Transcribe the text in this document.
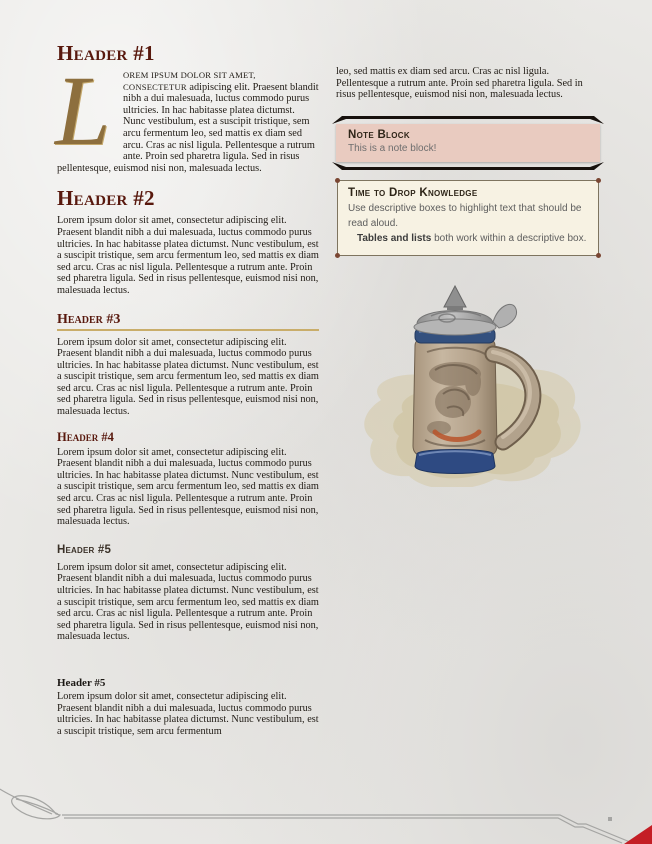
Header #1

L	OREM IPSUM DOLOR SIT AMET, CONSECTETUR adipiscing elit. Praesent blandit nibh a dui malesuada, luctus commodo purus ultricies. In hac habitasse platea dictumst. Nunc vestibulum, est a suscipit tristique, sem arcu fermentum leo, sed mattis ex diam sed arcu. Cras ac nisl ligula. Pellentesque a rutrum ante. Proin sed pharetra ligula. Sed in risus pellentesque, euismod nisi non, malesuada lectus.

Header #2

Lorem ipsum dolor sit amet, consectetur adipiscing elit. Praesent blandit nibh a dui malesuada, luctus commodo purus ultricies. In hac habitasse platea dictumst. Nunc vestibulum, est a suscipit tristique, sem arcu fermentum leo, sed mattis ex diam sed arcu. Cras ac nisl ligula. Pellentesque a rutrum ante. Proin sed pharetra ligula. Sed in risus pellentesque, euismod nisi non, malesuada lectus.

Header #3

Lorem ipsum dolor sit amet, consectetur adipiscing elit. Praesent blandit nibh a dui malesuada, luctus commodo purus ultricies. In hac habitasse platea dictumst. Nunc vestibulum, est a suscipit tristique, sem arcu fermentum leo, sed mattis ex diam sed arcu. Cras ac nisl ligula. Pellentesque a rutrum ante. Proin sed pharetra ligula. Sed in risus pellentesque, euismod nisi non, malesuada lectus.

Header #4

Lorem ipsum dolor sit amet, consectetur adipiscing elit. Praesent blandit nibh a dui malesuada, luctus commodo purus ultricies. In hac habitasse platea dictumst. Nunc vestibulum, est a suscipit tristique, sem arcu fermentum leo, sed mattis ex diam sed arcu. Cras ac nisl ligula. Pellentesque a rutrum ante. Proin sed pharetra ligula. Sed in risus pellentesque, euismod nisi non, malesuada lectus.

Header #5

Lorem ipsum dolor sit amet, consectetur adipiscing elit. Praesent blandit nibh a dui malesuada, luctus commodo purus ultricies. In hac habitasse platea dictumst. Nunc vestibulum, est a suscipit tristique, sem arcu fermentum leo, sed mattis ex diam sed arcu. Cras ac nisl ligula. Pellentesque a rutrum ante. Proin sed pharetra ligula. Sed in risus pellentesque, euismod nisi non, malesuada lectus.

Header #5

Lorem ipsum dolor sit amet, consectetur adipiscing elit. Praesent blandit nibh a dui malesuada, luctus commodo purus ultricies. In hac habitasse platea dictumst. Nunc vestibulum, est a suscipit tristique, sem arcu fermentum

leo, sed mattis ex diam sed arcu. Cras ac nisl ligula. Pellentesque a rutrum ante. Proin sed pharetra ligula. Sed in risus pellentesque, euismod nisi non, malesuada lectus.

Note Block

This is a note block!

Time to Drop Knowledge

Use descriptive boxes to highlight text that should be read aloud.

Tables and lists both work within a descriptive box.
